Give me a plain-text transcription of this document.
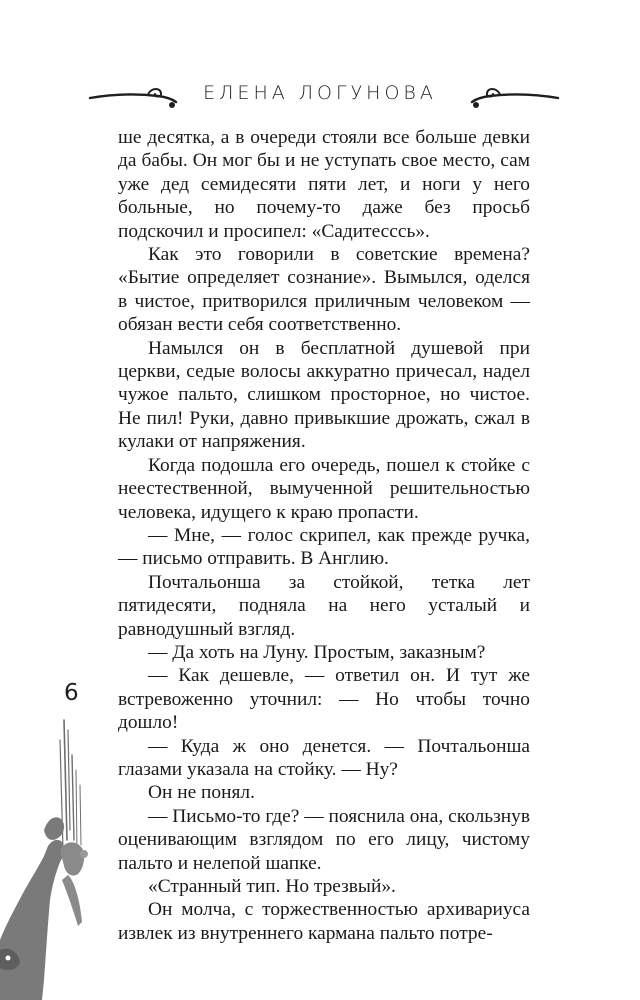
ЕЛЕНА ЛОГУНОВА

ше десятка, а в очереди стояли все больше девки да бабы. Он мог бы и не уступать свое место, сам уже дед семидесяти пяти лет, и ноги у него больные, но почему-то даже без просьб подскочил и просипел: «Садитесссь».

Как это говорили в советские времена? «Бытие определяет сознание». Вымылся, оделся в чистое, притворился приличным человеком — обязан вести себя соответственно.

Намылся он в бесплатной душевой при церкви, седые волосы аккуратно причесал, надел чужое пальто, слишком просторное, но чистое. Не пил! Руки, давно привыкшие дрожать, сжал в кулаки от напряжения.

Когда подошла его очередь, пошел к стойке с неестественной, вымученной решительностью человека, идущего к краю пропасти.

— Мне, — голос скрипел, как прежде ручка, — письмо отправить. В Англию.

Почтальонша за стойкой, тетка лет пятидесяти, подняла на него усталый и равнодушный взгляд.

— Да хоть на Луну. Простым, заказным?

— Как дешевле, — ответил он. И тут же встревоженно уточнил: — Но чтобы точно дошло!

— Куда ж оно денется. — Почтальонша глазами указала на стойку. — Ну?

Он не понял.

— Письмо-то где? — пояснила она, скользнув оценивающим взглядом по его лицу, чистому пальто и нелепой шапке.

«Странный тип. Но трезвый».

Он молча, с торжественностью архивариуса извлек из внутреннего кармана пальто потре-

6
